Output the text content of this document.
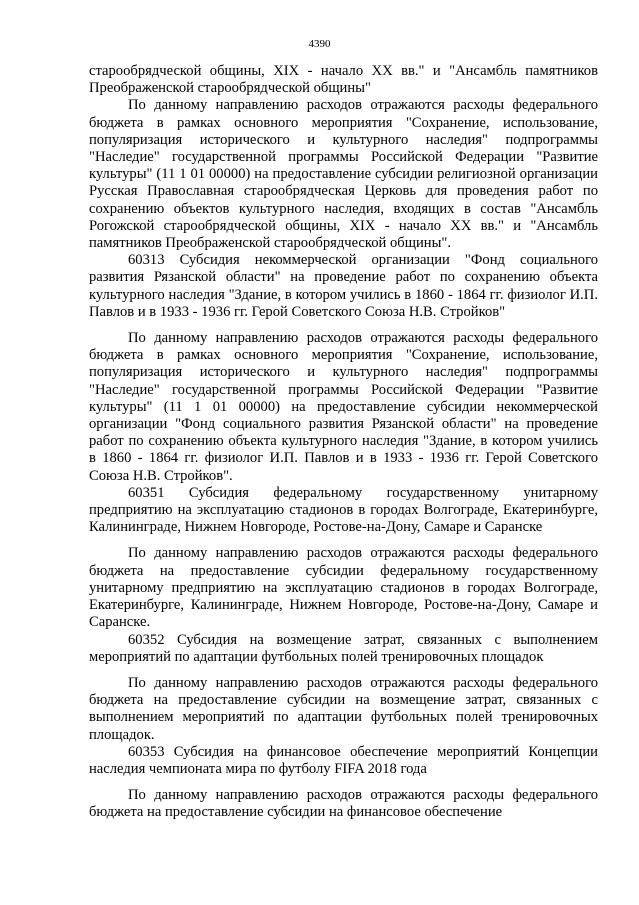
4390

старообрядческой общины, XIX - начало XX вв." и "Ансамбль памятников Преображенской старообрядческой общины"

По данному направлению расходов отражаются расходы федерального бюджета в рамках основного мероприятия "Сохранение, использование, популяризация исторического и культурного наследия" подпрограммы "Наследие" государственной программы Российской Федерации "Развитие культуры" (11 1 01 00000) на предоставление субсидии религиозной организации Русская Православная старообрядческая Церковь для проведения работ по сохранению объектов культурного наследия, входящих в состав "Ансамбль Рогожской старообрядческой общины, XIX - начало XX вв." и "Ансамбль памятников Преображенской старообрядческой общины".

60313 Субсидия некоммерческой организации "Фонд социального развития Рязанской области" на проведение работ по сохранению объекта культурного наследия "Здание, в котором учились в 1860 - 1864 гг. физиолог И.П. Павлов и в 1933 - 1936 гг. Герой Советского Союза Н.В. Стройков"

По данному направлению расходов отражаются расходы федерального бюджета в рамках основного мероприятия "Сохранение, использование, популяризация исторического и культурного наследия" подпрограммы "Наследие" государственной программы Российской Федерации "Развитие культуры" (11 1 01 00000) на предоставление субсидии некоммерческой организации "Фонд социального развития Рязанской области" на проведение работ по сохранению объекта культурного наследия "Здание, в котором учились в 1860 - 1864 гг. физиолог И.П. Павлов и в 1933 - 1936 гг. Герой Советского Союза Н.В. Стройков".

60351 Субсидия федеральному государственному унитарному предприятию на эксплуатацию стадионов в городах Волгограде, Екатеринбурге, Калининграде, Нижнем Новгороде, Ростове-на-Дону, Самаре и Саранске

По данному направлению расходов отражаются расходы федерального бюджета на предоставление субсидии федеральному государственному унитарному предприятию на эксплуатацию стадионов в городах Волгограде, Екатеринбурге, Калининграде, Нижнем Новгороде, Ростове-на-Дону, Самаре и Саранске.

60352 Субсидия на возмещение затрат, связанных с выполнением мероприятий по адаптации футбольных полей тренировочных площадок

По данному направлению расходов отражаются расходы федерального бюджета на предоставление субсидии на возмещение затрат, связанных с выполнением мероприятий по адаптации футбольных полей тренировочных площадок.

60353 Субсидия на финансовое обеспечение мероприятий Концепции наследия чемпионата мира по футболу FIFA 2018 года

По данному направлению расходов отражаются расходы федерального бюджета на предоставление субсидии на финансовое обеспечение
